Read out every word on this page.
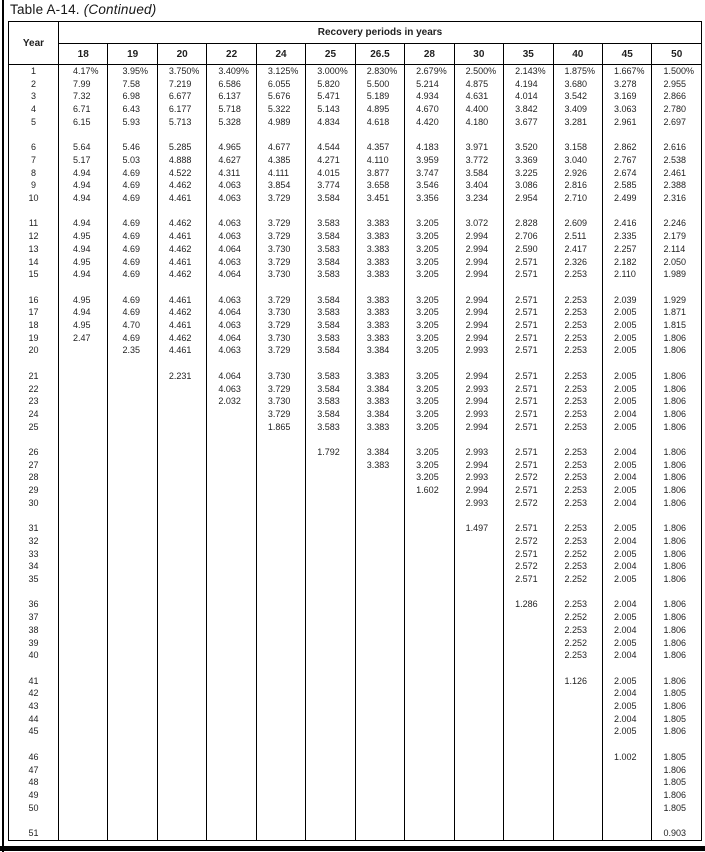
Table A-14. (Continued)
Year	Recovery periods in years												
	18	19	20	22	24	25	26.5	28	30	35	40	45	50
1	4.17%	3.95%	3.750%	3.409%	3.125%	3.000%	2.830%	2.679%	2.500%	2.143%	1.875%	1.667%	1.500%
2	7.99	7.58	7.219	6.586	6.055	5.820	5.500	5.214	4.875	4.194	3.680	3.278	2.955
3	7.32	6.98	6.677	6.137	5.676	5.471	5.189	4.934	4.631	4.014	3.542	3.169	2.866
4	6.71	6.43	6.177	5.718	5.322	5.143	4.895	4.670	4.400	3.842	3.409	3.063	2.780
5	6.15	5.93	5.713	5.328	4.989	4.834	4.618	4.420	4.180	3.677	3.281	2.961	2.697

6	5.64	5.46	5.285	4.965	4.677	4.544	4.357	4.183	3.971	3.520	3.158	2.862	2.616
7	5.17	5.03	4.888	4.627	4.385	4.271	4.110	3.959	3.772	3.369	3.040	2.767	2.538
8	4.94	4.69	4.522	4.311	4.111	4.015	3.877	3.747	3.584	3.225	2.926	2.674	2.461
9	4.94	4.69	4.462	4.063	3.854	3.774	3.658	3.546	3.404	3.086	2.816	2.585	2.388
10	4.94	4.69	4.461	4.063	3.729	3.584	3.451	3.356	3.234	2.954	2.710	2.499	2.316

11	4.94	4.69	4.462	4.063	3.729	3.583	3.383	3.205	3.072	2.828	2.609	2.416	2.246
12	4.95	4.69	4.461	4.063	3.729	3.584	3.383	3.205	2.994	2.706	2.511	2.335	2.179
13	4.94	4.69	4.462	4.064	3.730	3.583	3.383	3.205	2.994	2.590	2.417	2.257	2.114
14	4.95	4.69	4.461	4.063	3.729	3.584	3.383	3.205	2.994	2.571	2.326	2.182	2.050
15	4.94	4.69	4.462	4.064	3.730	3.583	3.383	3.205	2.994	2.571	2.253	2.110	1.989

16	4.95	4.69	4.461	4.063	3.729	3.584	3.383	3.205	2.994	2.571	2.253	2.039	1.929
17	4.94	4.69	4.462	4.064	3.730	3.583	3.383	3.205	2.994	2.571	2.253	2.005	1.871
18	4.95	4.70	4.461	4.063	3.729	3.584	3.383	3.205	2.994	2.571	2.253	2.005	1.815
19	2.47	4.69	4.462	4.064	3.730	3.583	3.383	3.205	2.994	2.571	2.253	2.005	1.806
20		2.35	4.461	4.063	3.729	3.584	3.384	3.205	2.993	2.571	2.253	2.005	1.806

21			2.231	4.064	3.730	3.583	3.383	3.205	2.994	2.571	2.253	2.005	1.806
22				4.063	3.729	3.584	3.384	3.205	2.993	2.571	2.253	2.005	1.806
23				2.032	3.730	3.583	3.383	3.205	2.994	2.571	2.253	2.005	1.806
24					3.729	3.584	3.384	3.205	2.993	2.571	2.253	2.004	1.806
25					1.865	3.583	3.383	3.205	2.994	2.571	2.253	2.005	1.806

26						1.792	3.384	3.205	2.993	2.571	2.253	2.004	1.806
27							3.383	3.205	2.994	2.571	2.253	2.005	1.806
28								3.205	2.993	2.572	2.253	2.004	1.806
29								1.602	2.994	2.571	2.253	2.005	1.806
30									2.993	2.572	2.253	2.004	1.806

31									1.497	2.571	2.253	2.005	1.806
32										2.572	2.253	2.004	1.806
33										2.571	2.252	2.005	1.806
34										2.572	2.253	2.004	1.806
35										2.571	2.252	2.005	1.806

36										1.286	2.253	2.004	1.806
37											2.252	2.005	1.806
38											2.253	2.004	1.806
39											2.252	2.005	1.806
40											2.253	2.004	1.806

41											1.126	2.005	1.806
42												2.004	1.805
43												2.005	1.806
44												2.004	1.805
45												2.005	1.806

46												1.002	1.805
47													1.806
48													1.805
49													1.806
50													1.805

51													0.903
